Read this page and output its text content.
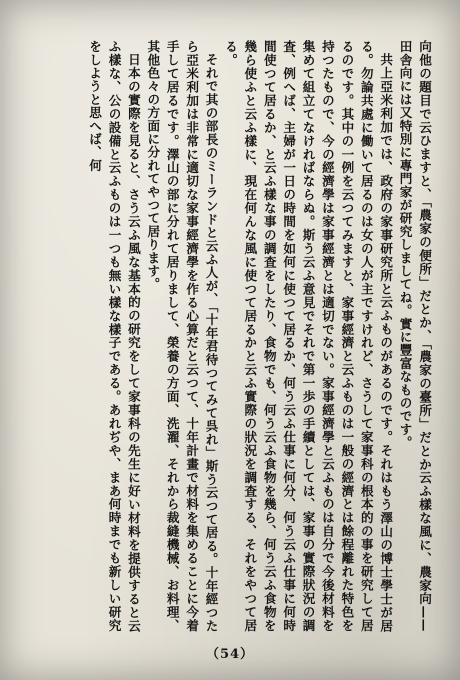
向他の題目で云ひますと、「農家の便所」だとか、「農家の臺所」だとか云ふ樣な風に、農家向——田舎向には又特別に專門家が研究しましてね。實に豐富なものです。

共上亞米利加では、政府の家事研究所と云ふものがあるのです。それはもう澤山の博士學士が居る。勿論共處に働いて居るのは女の人が主ですけれど、さうして家事科の根本的の事を研究して居るのです。其中の一例を云つてみますと、家事經濟と云ふものは一般の經濟とは餘程離れた特色を持つたもので、今の經濟學は家事經濟とは適切でない。家事經濟學と云ふものは自分で今後材料を集めて組立てなければならぬ。斯う云ふ意見でそれで第一歩の手續としては、家事の實際狀況の調査、例へば、主婦が一日の時間を如何に使つて居るか、何う云ふ仕事に何分、何う云ふ仕事に何時間使つて居るか、と云ふ樣な事の調査をしたり、食物でも、何う云ふ食物を幾ら、何う云ふ食物を幾ら使ふと云ふ樣に、現在何んな風に使つて居るかと云ふ實際の狀況を調査する、それをやつて居る。

それで其の部長のミーランドと云ふ人が、「十年君待つてみて呉れ」斯う云つて居る。十年經つたら亞米利加は非常に適切な家事經濟學を作る心算だと云つて、十年計畫で材料を集めることに今着手して居るです。澤山の部に分れて居りまして、榮養の方面、洗濯、それから裁縫機械、お料理、其他色々の方面に分れてやつて居ります。

日本の實際を見ると、さう云ふ風な基本的の研究をして家事科の先生に好い材料を提供すると云ふ樣な、公の設備と云ふものは一つも無い樣な樣子である。あれぢや、まあ何時までも新しい研究をしようと思へば、何

（54）
